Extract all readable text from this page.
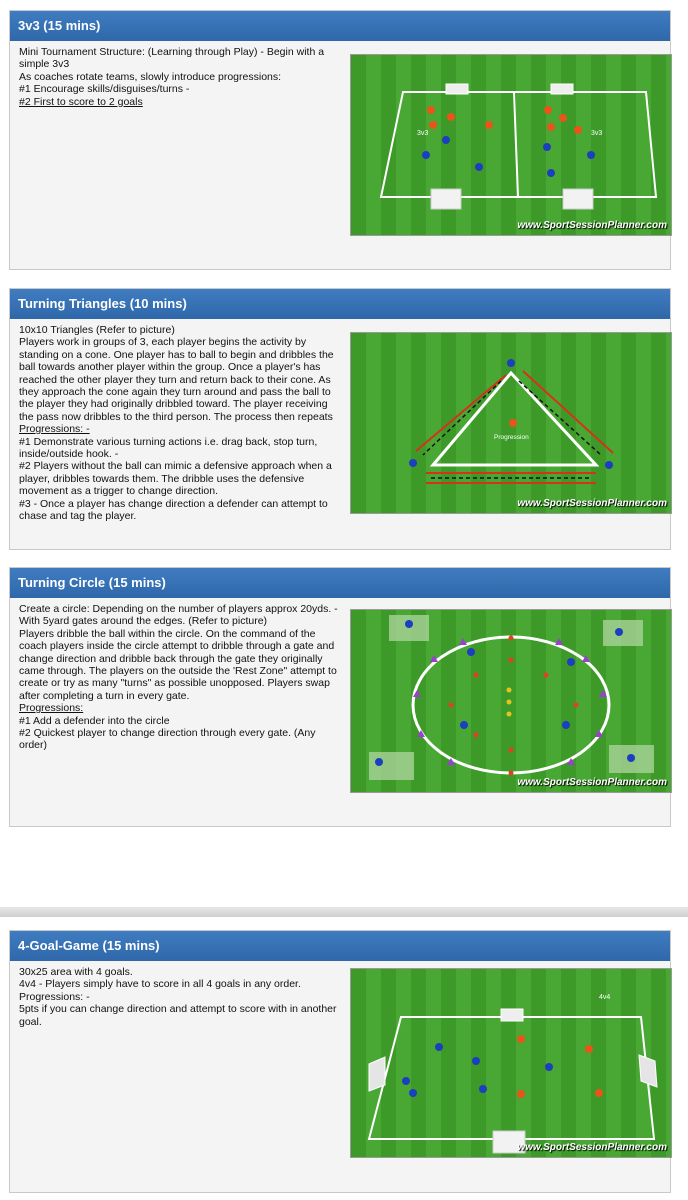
3v3 (15 mins)

Mini Tournament Structure: (Learning through Play) - Begin with a simple 3v3

As coaches rotate teams, slowly introduce progressions:

#1 Encourage skills/disguises/turns -

#2 First to score to 2 goals

3v3	3v3
www.SportSessionPlanner.com
Turning Triangles (10 mins)

10x10 Triangles (Refer to picture)

Players work in groups of 3, each player begins the activity by standing on a cone. One player has to ball to begin and dribbles the ball towards another player within the group. Once a player's has reached the other player they turn and return back to their cone. As they approach the cone again they turn around and pass the ball to the player they had originally dribbled toward. The player receiving the pass now dribbles to the third person. The process then repeats

Progressions: -

#1 Demonstrate various turning actions i.e. drag back, stop turn, inside/outside hook. -

#2 Players without the ball can mimic a defensive approach when a player, dribbles towards them. The dribble uses the defensive movement as a trigger to change direction.

#3 - Once a player has change direction a defender can attempt to chase and tag the player.

Progression
www.SportSessionPlanner.com
Turning Circle (15 mins)

Create a circle: Depending on the number of players approx 20yds. - With 5yard gates around the edges. (Refer to picture)

Players dribble the ball within the circle. On the command of the coach players inside the circle attempt to dribble through a gate and change direction and dribble back through the gate they originally came through. The players on the outside the 'Rest Zone" attempt to create or try as many "turns" as possible unopposed. Players swap after completing a turn in every gate.

Progressions:

#1 Add a defender into the circle

#2 Quickest player to change direction through every gate. (Any order)

www.SportSessionPlanner.com
4-Goal-Game (15 mins)

30x25 area with 4 goals.

4v4 - Players simply have to score in all 4 goals in any order.

Progressions: -

5pts if you can change direction and attempt to score with in another goal.

4v4
www.SportSessionPlanner.com
